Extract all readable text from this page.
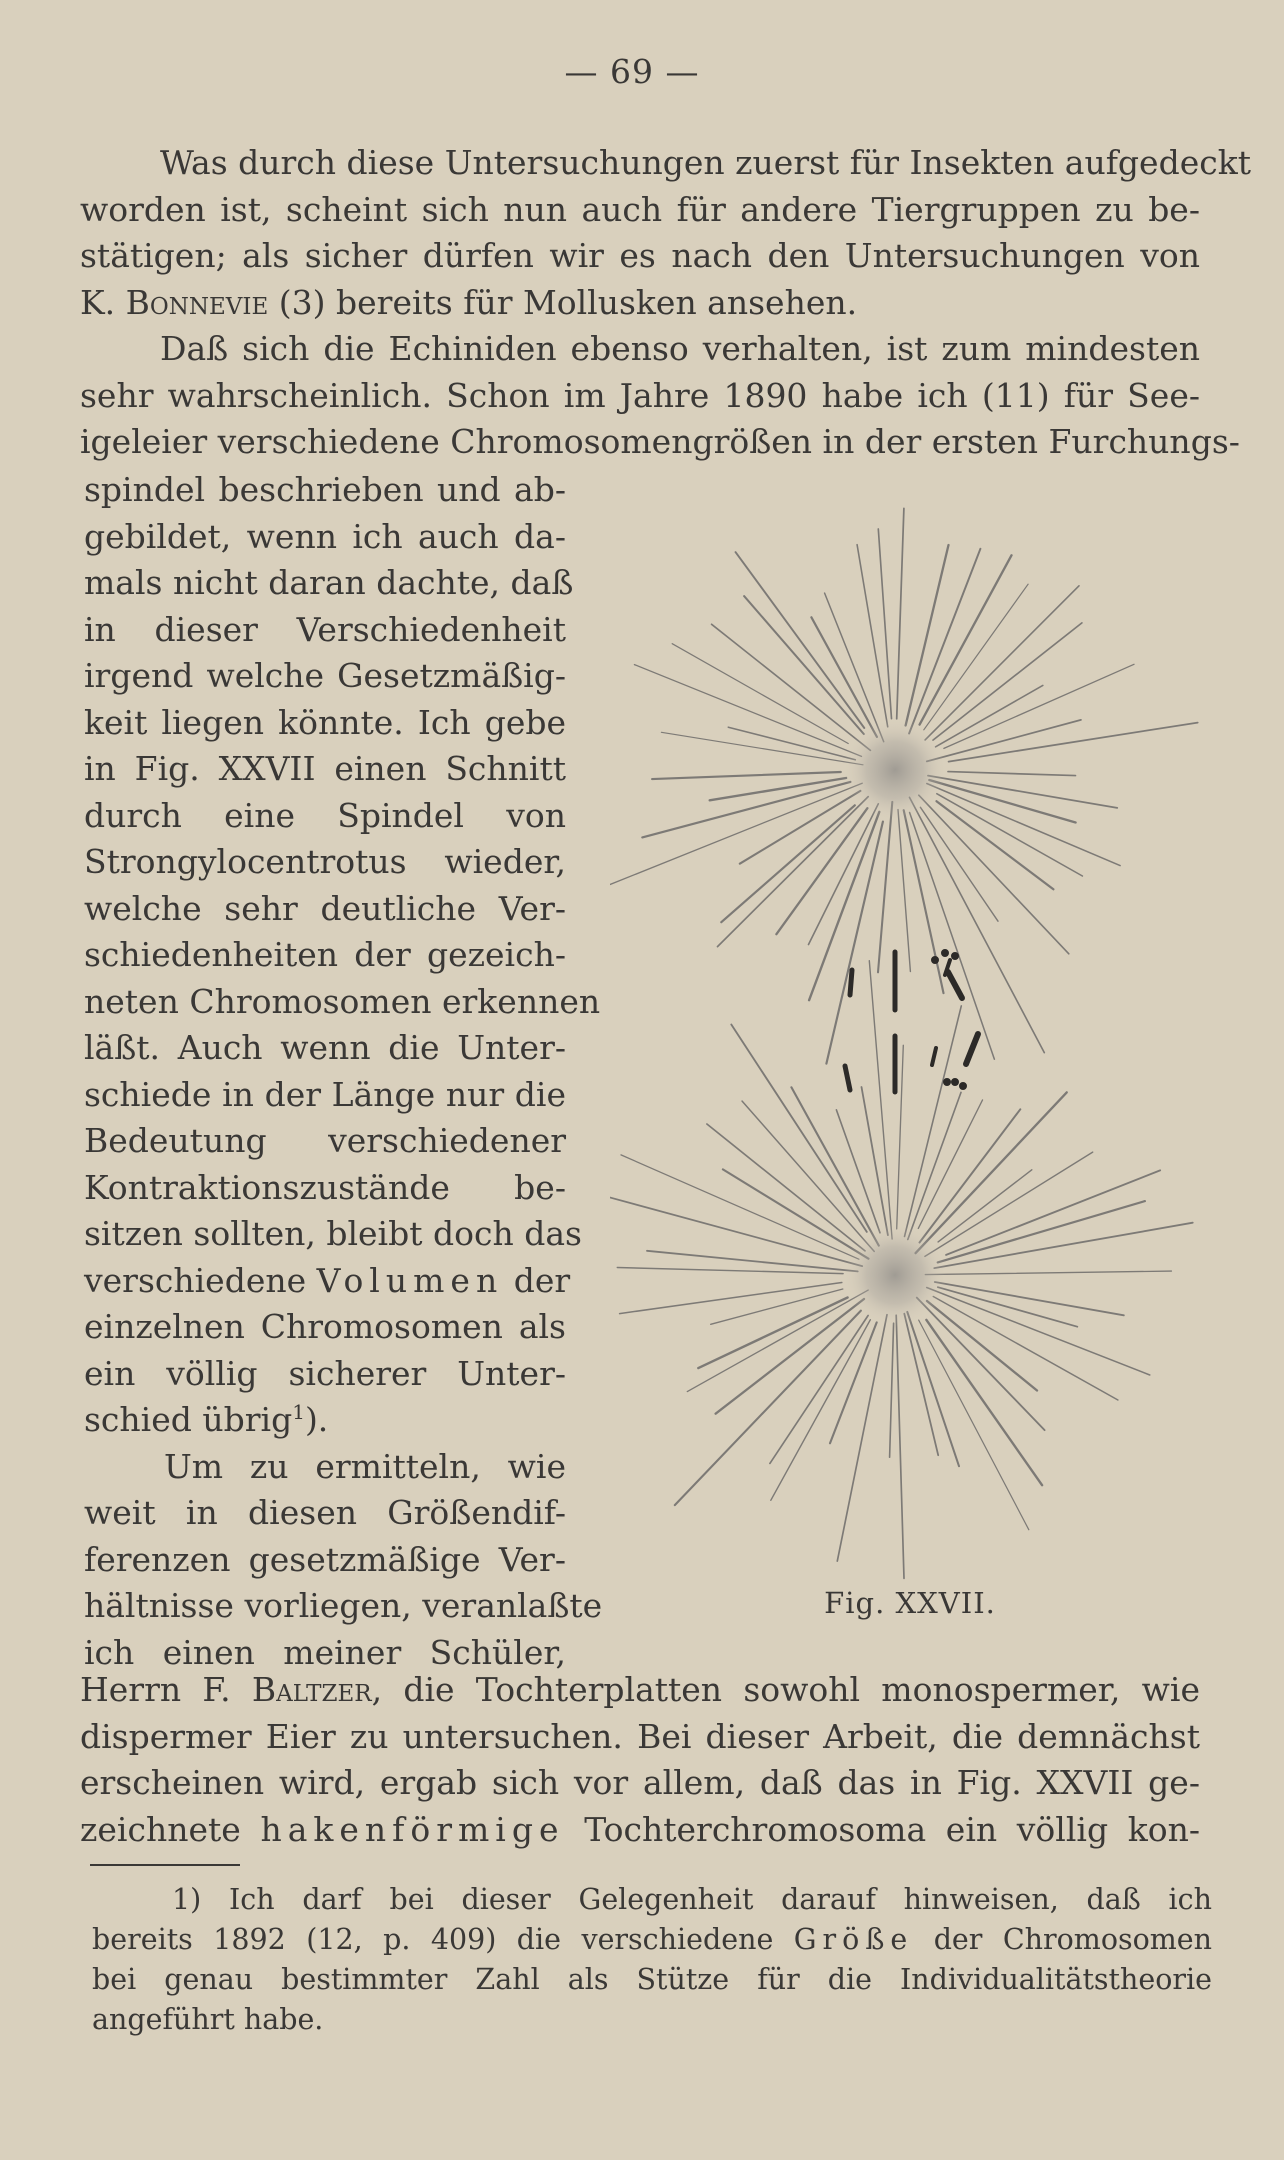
— 69 —
Was durch diese Untersuchungen zuerst für Insekten aufgedeckt
worden ist, scheint sich nun auch für andere Tiergruppen zu be-
stätigen; als sicher dürfen wir es nach den Untersuchungen von
K. Bonnevie (3) bereits für Mollusken ansehen.
Daß sich die Echiniden ebenso verhalten, ist zum mindesten
sehr wahrscheinlich. Schon im Jahre 1890 habe ich (11) für See-
igeleier verschiedene Chromosomengrößen in der ersten Furchungs-
spindel beschrieben und ab-
gebildet, wenn ich auch da-
mals nicht daran dachte, daß
in dieser Verschiedenheit
irgend welche Gesetzmäßig-
keit liegen könnte. Ich gebe
in Fig. XXVII einen Schnitt
durch eine Spindel von
Strongylocentrotus wieder,
welche sehr deutliche Ver-
schiedenheiten der gezeich-
neten Chromosomen erkennen
läßt. Auch wenn die Unter-
schiede in der Länge nur die
Bedeutung verschiedener
Kontraktionszustände be-
sitzen sollten, bleibt doch das
verschiedene Volumen der
einzelnen Chromosomen als
ein völlig sicherer Unter-
schied übrig$^1$).
Um zu ermitteln, wie
weit in diesen Größendif-
ferenzen gesetzmäßige Ver-
hältnisse vorliegen, veranlaßte
ich einen meiner Schüler,
Fig. XXVII.
Herrn F. Baltzer, die Tochterplatten sowohl monospermer, wie
dispermer Eier zu untersuchen. Bei dieser Arbeit, die demnächst
erscheinen wird, ergab sich vor allem, daß das in Fig. XXVII ge-
zeichnete hakenförmige Tochterchromosoma ein völlig kon-
1) Ich darf bei dieser Gelegenheit darauf hinweisen, daß ich
bereits 1892 (12, p. 409) die verschiedene Größe der Chromosomen
bei genau bestimmter Zahl als Stütze für die Individualitätstheorie
angeführt habe.
